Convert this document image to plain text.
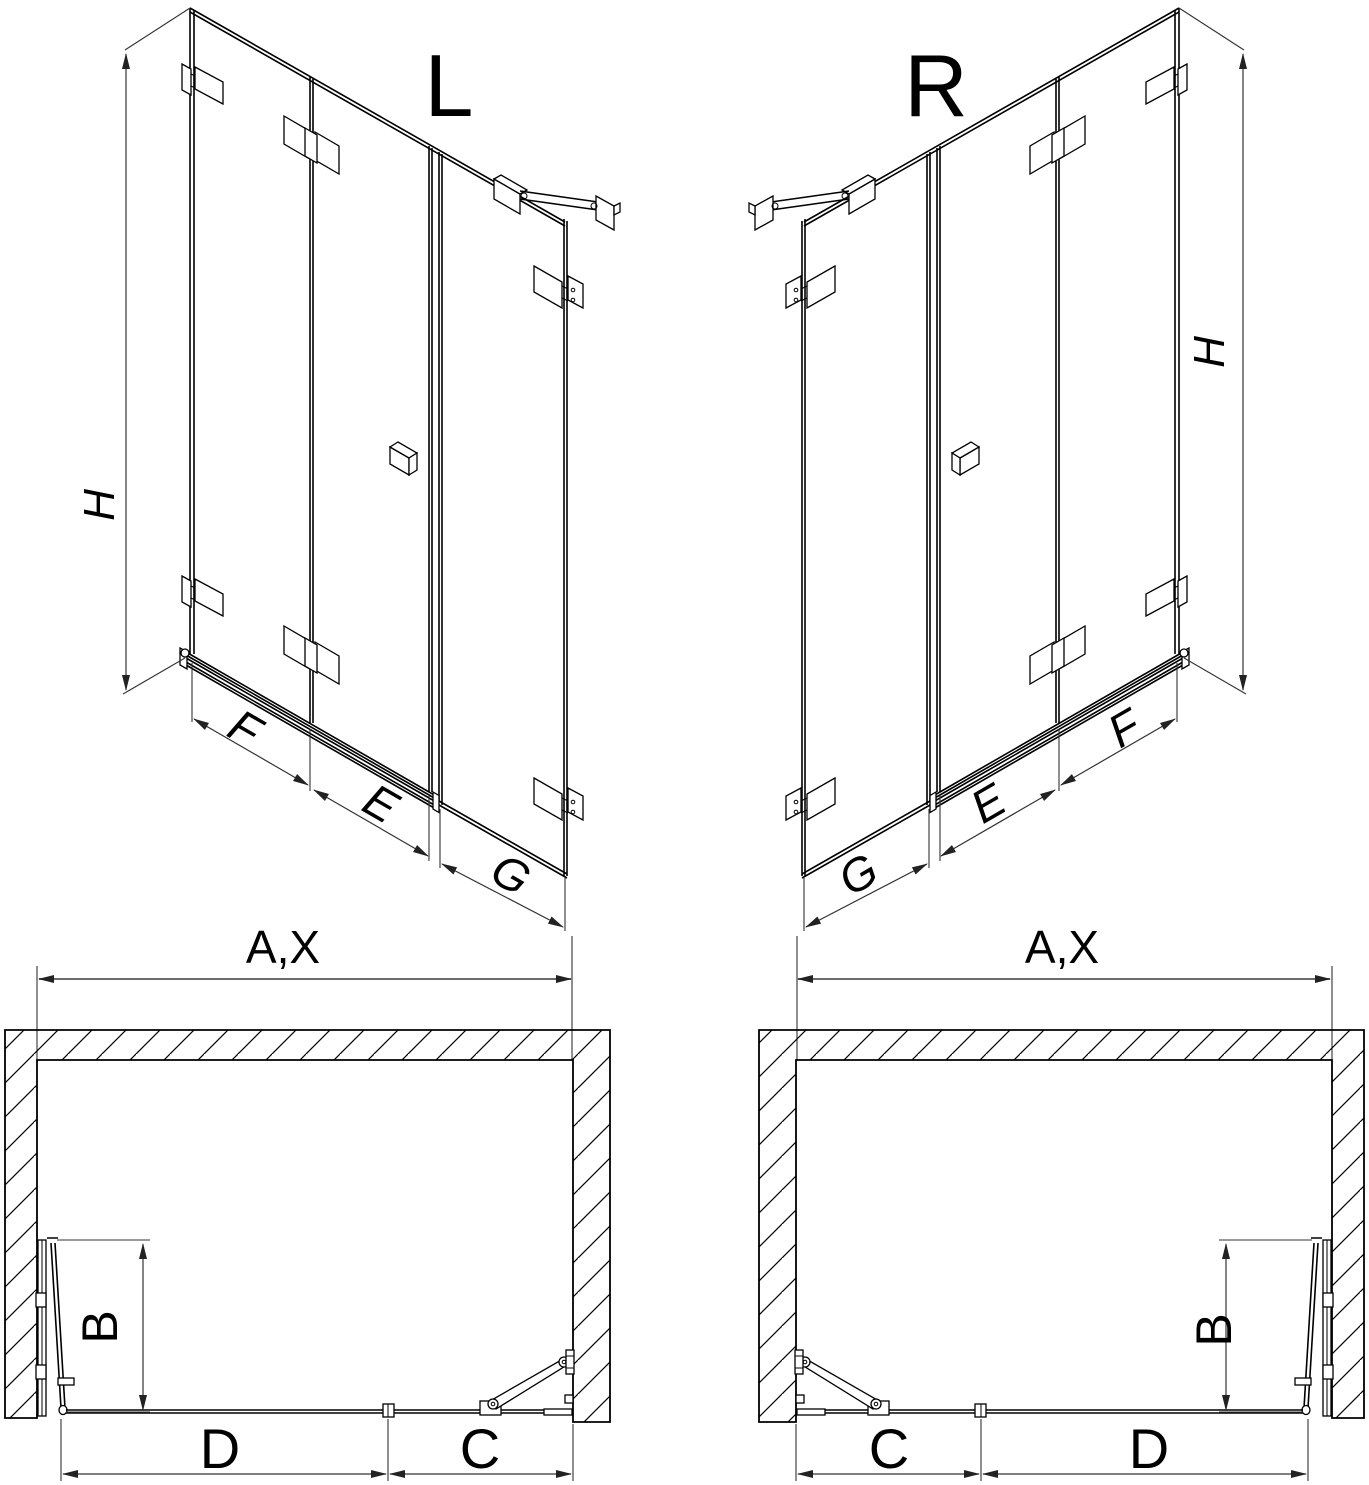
L	R
H
H
F
E
G
F
E
G
A,X	A,X
B	B
D	C	C	D
